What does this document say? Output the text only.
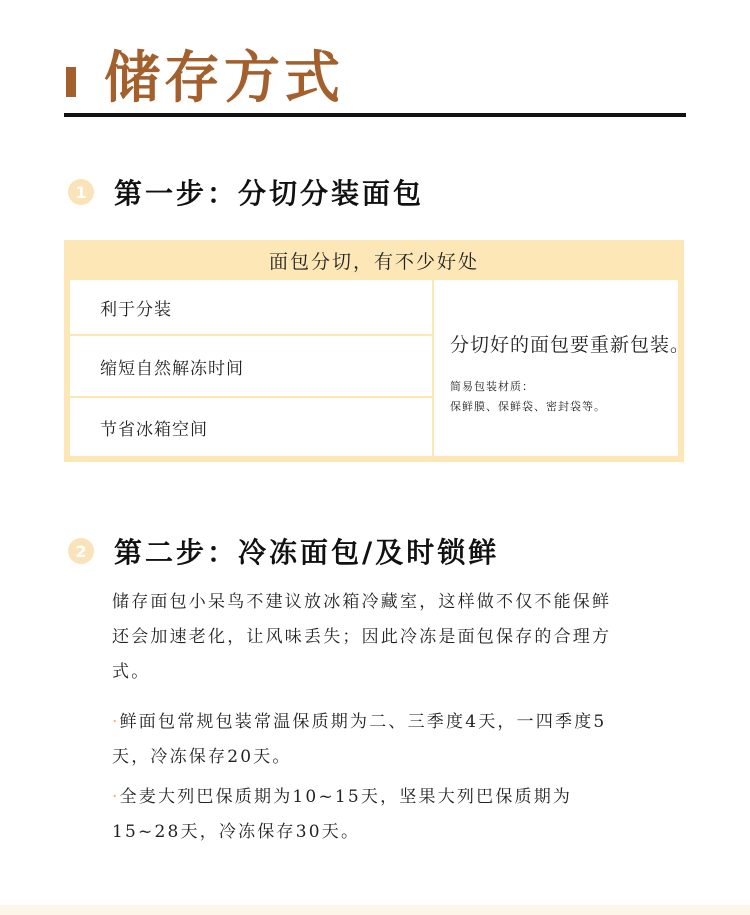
储存方式
1 第一步：分切分装面包
面包分切，有不少好处
利于分装
缩短自然解冻时间
节省冰箱空间
分切好的面包要重新包装。
简易包装材质：
保鲜膜、保鲜袋、密封袋等。
2 第二步：冷冻面包/及时锁鲜

储存面包小呆鸟不建议放冰箱冷藏室，这样做不仅不能保鲜还会加速老化，让风味丢失；因此冷冻是面包保存的合理方式。

·鲜面包常规包装常温保质期为二、三季度4天，一四季度5天，冷冻保存20天。

·全麦大列巴保质期为10~15天，坚果大列巴保质期为15~28天，冷冻保存30天。
